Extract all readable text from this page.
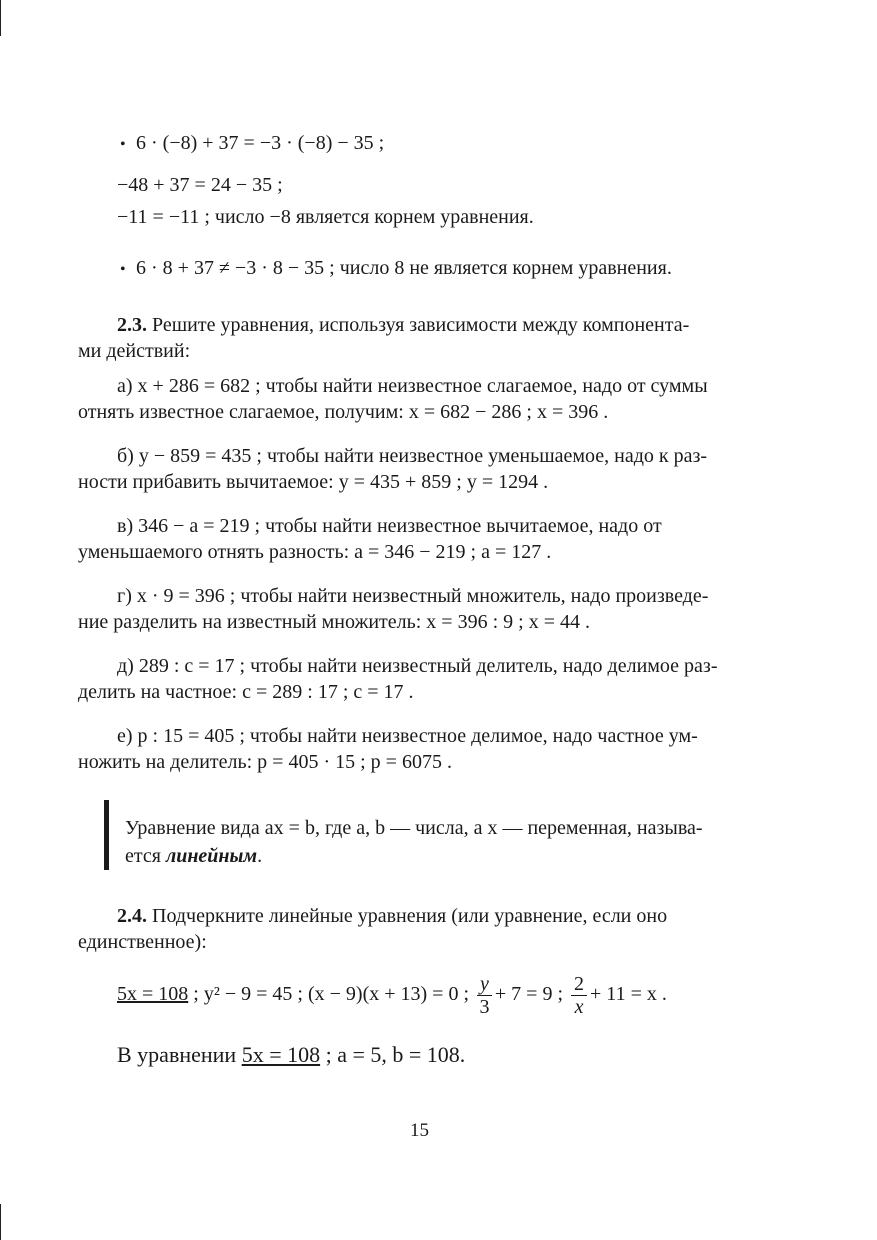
• 6 · (−8) + 37 = −3 · (−8) − 35 ;
−48 + 37 = 24 − 35 ;
−11 = −11 ; число −8 является корнем уравнения.
• 6 · 8 + 37 ≠ −3 · 8 − 35 ; число 8 не является корнем уравнения.
2.3. Решите уравнения, используя зависимости между компонента-
ми действий:
а) x + 286 = 682 ; чтобы найти неизвестное слагаемое, надо от суммы
отнять известное слагаемое, получим: x = 682 − 286 ; x = 396 .
б) y − 859 = 435 ; чтобы найти неизвестное уменьшаемое, надо к раз-
ности прибавить вычитаемое: y = 435 + 859 ; y = 1294 .
в) 346 − a = 219 ; чтобы найти неизвестное вычитаемое, надо от
уменьшаемого отнять разность: a = 346 − 219 ; a = 127 .
г) x · 9 = 396 ; чтобы найти неизвестный множитель, надо произведе-
ние разделить на известный множитель: x = 396 : 9 ; x = 44 .
д) 289 : c = 17 ; чтобы найти неизвестный делитель, надо делимое раз-
делить на частное: c = 289 : 17 ; c = 17 .
е) p : 15 = 405 ; чтобы найти неизвестное делимое, надо частное ум-
ножить на делитель: p = 405 · 15 ; p = 6075 .
Уравнение вида ax = b, где a, b — числа, а x — переменная, называ-
ется линейным.
2.4. Подчеркните линейные уравнения (или уравнение, если оно
единственное):
5x = 108 ; y² − 9 = 45 ; (x − 9)(x + 13) = 0 ; $\frac{y}{3} + 7 = 9$ ; $\frac{2}{x} + 11 = x$ .
В уравнении 5x = 108 ; a = 5, b = 108.
15
